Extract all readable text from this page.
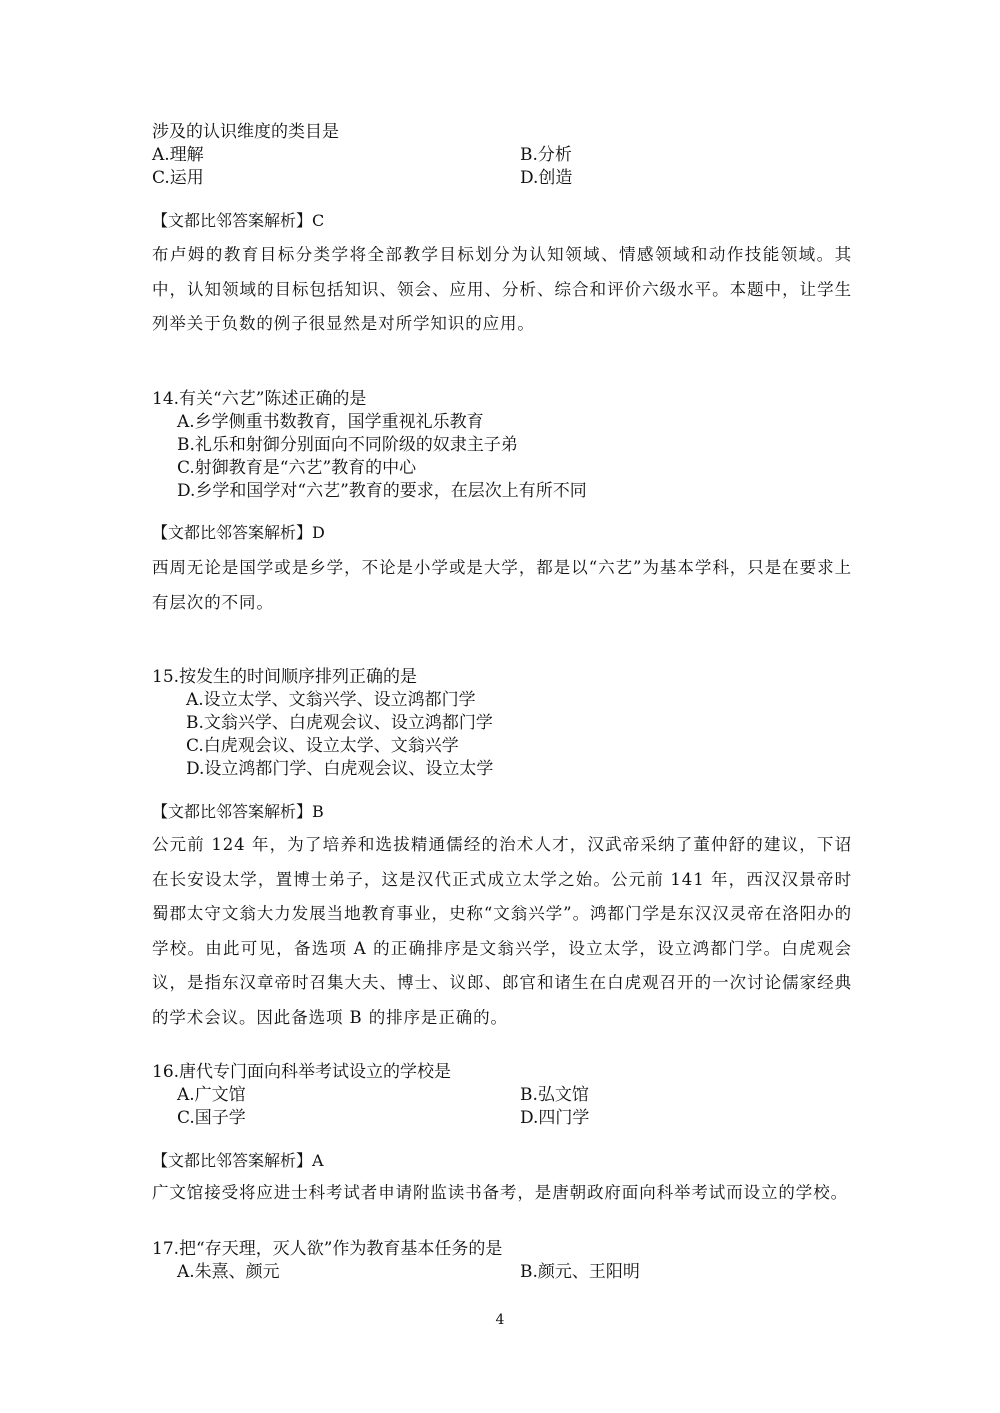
涉及的认识维度的类目是
A.理解	B.分析
C.运用	D.创造
【文都比邻答案解析】C
布卢姆的教育目标分类学将全部教学目标划分为认知领域、情感领域和动作技能领域。其中，认知领域的目标包括知识、领会、应用、分析、综合和评价六级水平。本题中，让学生列举关于负数的例子很显然是对所学知识的应用。
14.有关“六艺”陈述正确的是
A.乡学侧重书数教育，国学重视礼乐教育
B.礼乐和射御分别面向不同阶级的奴隶主子弟
C.射御教育是“六艺”教育的中心
D.乡学和国学对“六艺”教育的要求，在层次上有所不同
【文都比邻答案解析】D
西周无论是国学或是乡学，不论是小学或是大学，都是以“六艺”为基本学科，只是在要求上有层次的不同。
15.按发生的时间顺序排列正确的是
A.设立太学、文翁兴学、设立鸿都门学
B.文翁兴学、白虎观会议、设立鸿都门学
C.白虎观会议、设立太学、文翁兴学
D.设立鸿都门学、白虎观会议、设立太学
【文都比邻答案解析】B
公元前 124 年，为了培养和选拔精通儒经的治术人才，汉武帝采纳了董仲舒的建议，下诏在长安设太学，置博士弟子，这是汉代正式成立太学之始。公元前 141 年，西汉汉景帝时蜀郡太守文翁大力发展当地教育事业，史称“文翁兴学”。鸿都门学是东汉汉灵帝在洛阳办的学校。由此可见，备选项 A 的正确排序是文翁兴学，设立太学，设立鸿都门学。白虎观会议，是指东汉章帝时召集大夫、博士、议郎、郎官和诸生在白虎观召开的一次讨论儒家经典的学术会议。因此备选项 B 的排序是正确的。
16.唐代专门面向科举考试设立的学校是
A.广文馆	B.弘文馆
C.国子学	D.四门学
【文都比邻答案解析】A
广文馆接受将应进士科考试者申请附监读书备考，是唐朝政府面向科举考试而设立的学校。
17.把“存天理，灭人欲”作为教育基本任务的是
A.朱熹、颜元	B.颜元、王阳明
4
